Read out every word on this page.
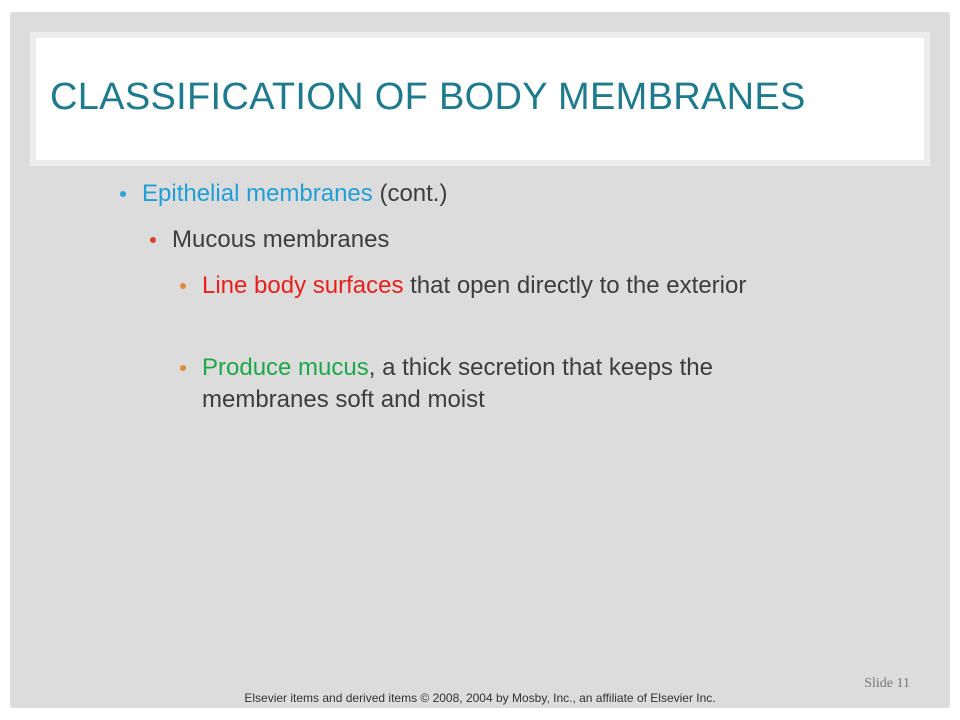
CLASSIFICATION OF BODY MEMBRANES
Epithelial membranes (cont.)
Mucous membranes
Line body surfaces that open directly to the exterior
Produce mucus, a thick secretion that keeps the membranes soft and moist
Slide 11
Elsevier items and derived items © 2008, 2004 by Mosby, Inc., an affiliate of Elsevier Inc.
